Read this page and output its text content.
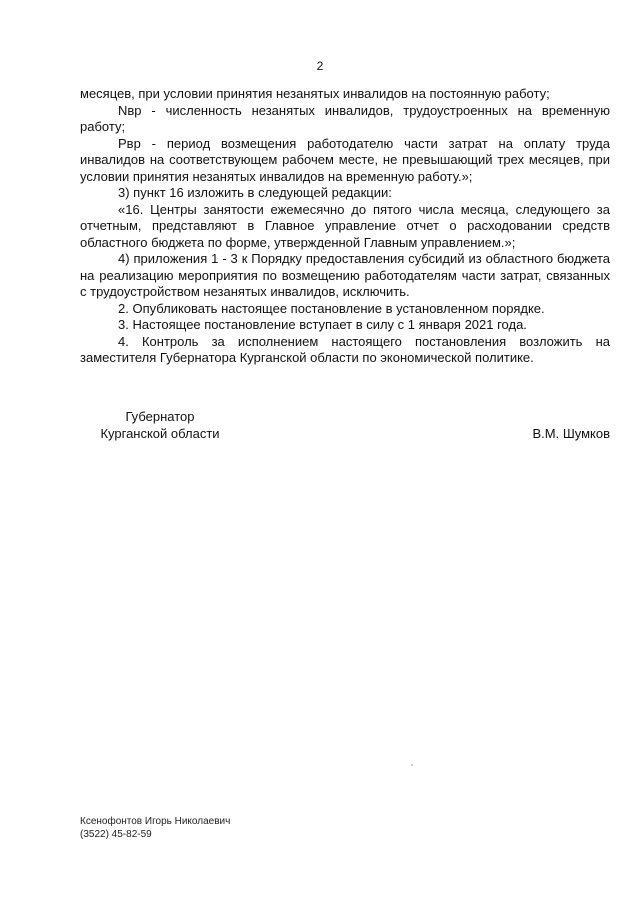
2

месяцев, при условии принятия незанятых инвалидов на постоянную работу;

Nвр - численность незанятых инвалидов, трудоустроенных на временную работу;

Pвр - период возмещения работодателю части затрат на оплату труда инвалидов на соответствующем рабочем месте, не превышающий трех месяцев, при условии принятия незанятых инвалидов на временную работу.»;

3) пункт 16 изложить в следующей редакции:

«16. Центры занятости ежемесячно до пятого числа месяца, следующего за отчетным, представляют в Главное управление отчет о расходовании средств областного бюджета по форме, утвержденной Главным управлением.»;

4) приложения 1 - 3 к Порядку предоставления субсидий из областного бюджета на реализацию мероприятия по возмещению работодателям части затрат, связанных с трудоустройством незанятых инвалидов, исключить.

2. Опубликовать настоящее постановление в установленном порядке.

3. Настоящее постановление вступает в силу с 1 января 2021 года.

4. Контроль за исполнением настоящего постановления возложить на заместителя Губернатора Курганской области по экономической политике.

Губернатор
Курганской области	В.М. Шумков
Ксенофонтов Игорь Николаевич
(3522) 45-82-59
